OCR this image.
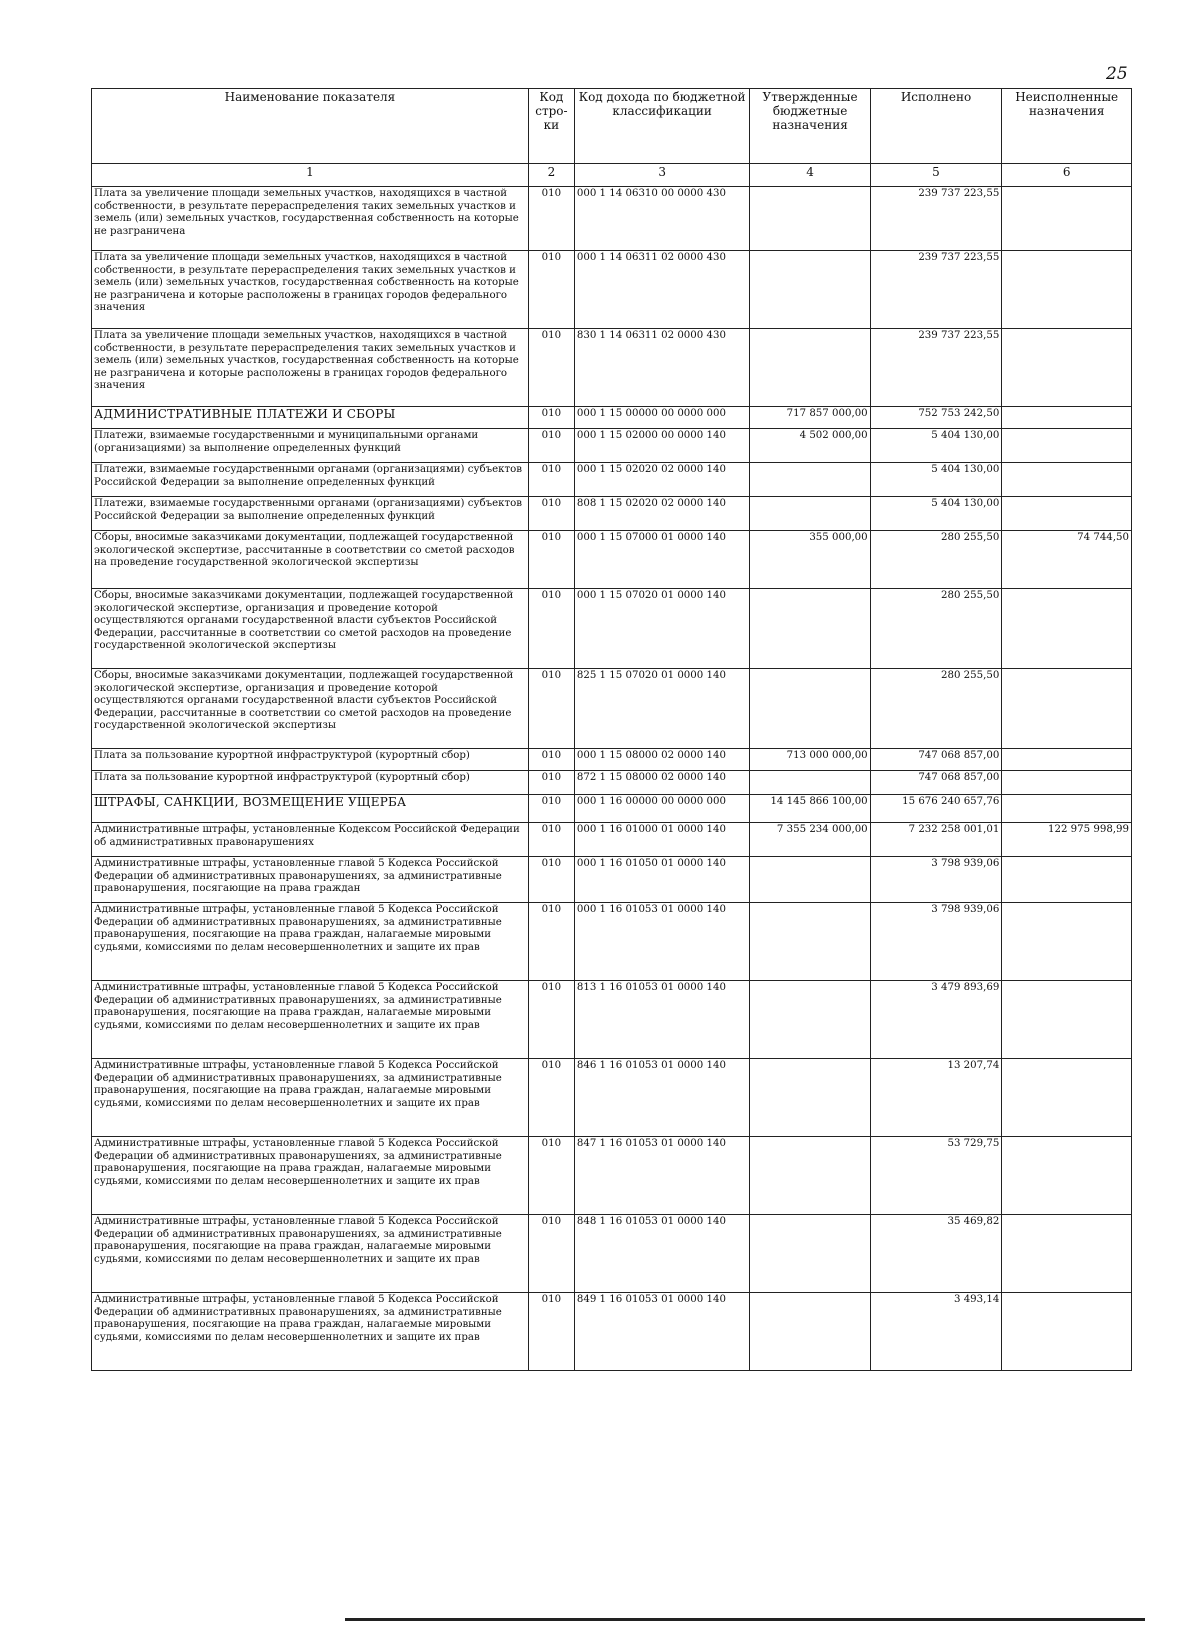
25
Наименование показателя	Код стро-ки	Код дохода по бюджетной классификации	Утвержденные бюджетные назначения	Исполнено	Неисполненные назначения
1	2	3	4	5	6
Плата за увеличение площади земельных участков, находящихся в частной собственности, в результате перераспределения таких земельных участков и земель (или) земельных участков, государственная собственность на которые не разграничена	010	000 1 14 06310 00 0000 430		239 737 223,55	
Плата за увеличение площади земельных участков, находящихся в частной собственности, в результате перераспределения таких земельных участков и земель (или) земельных участков, государственная собственность на которые не разграничена и которые расположены в границах городов федерального значения	010	000 1 14 06311 02 0000 430		239 737 223,55	
Плата за увеличение площади земельных участков, находящихся в частной собственности, в результате перераспределения таких земельных участков и земель (или) земельных участков, государственная собственность на которые не разграничена и которые расположены в границах городов федерального значения	010	830 1 14 06311 02 0000 430		239 737 223,55	
АДМИНИСТРАТИВНЫЕ ПЛАТЕЖИ И СБОРЫ	010	000 1 15 00000 00 0000 000	717 857 000,00	752 753 242,50	
Платежи, взимаемые государственными и муниципальными органами (организациями) за выполнение определенных функций	010	000 1 15 02000 00 0000 140	4 502 000,00	5 404 130,00	
Платежи, взимаемые государственными органами (организациями) субъектов Российской Федерации за выполнение определенных функций	010	000 1 15 02020 02 0000 140		5 404 130,00	
Платежи, взимаемые государственными органами (организациями) субъектов Российской Федерации за выполнение определенных функций	010	808 1 15 02020 02 0000 140		5 404 130,00	
Сборы, вносимые заказчиками документации, подлежащей государственной экологической экспертизе, рассчитанные в соответствии со сметой расходов на проведение государственной экологической экспертизы	010	000 1 15 07000 01 0000 140	355 000,00	280 255,50	74 744,50
Сборы, вносимые заказчиками документации, подлежащей государственной экологической экспертизе, организация и проведение которой осуществляются органами государственной власти субъектов Российской Федерации, рассчитанные в соответствии со сметой расходов на проведение государственной экологической экспертизы	010	000 1 15 07020 01 0000 140		280 255,50	
Сборы, вносимые заказчиками документации, подлежащей государственной экологической экспертизе, организация и проведение которой осуществляются органами государственной власти субъектов Российской Федерации, рассчитанные в соответствии со сметой расходов на проведение государственной экологической экспертизы	010	825 1 15 07020 01 0000 140		280 255,50	
Плата за пользование курортной инфраструктурой (курортный сбор)	010	000 1 15 08000 02 0000 140	713 000 000,00	747 068 857,00	
Плата за пользование курортной инфраструктурой (курортный сбор)	010	872 1 15 08000 02 0000 140		747 068 857,00	
ШТРАФЫ, САНКЦИИ, ВОЗМЕЩЕНИЕ УЩЕРБА	010	000 1 16 00000 00 0000 000	14 145 866 100,00	15 676 240 657,76	
Административные штрафы, установленные Кодексом Российской Федерации об административных правонарушениях	010	000 1 16 01000 01 0000 140	7 355 234 000,00	7 232 258 001,01	122 975 998,99
Административные штрафы, установленные главой 5 Кодекса Российской Федерации об административных правонарушениях, за административные правонарушения, посягающие на права граждан	010	000 1 16 01050 01 0000 140		3 798 939,06	
Административные штрафы, установленные главой 5 Кодекса Российской Федерации об административных правонарушениях, за административные правонарушения, посягающие на права граждан, налагаемые мировыми судьями, комиссиями по делам несовершеннолетних и защите их прав	010	000 1 16 01053 01 0000 140		3 798 939,06	
Административные штрафы, установленные главой 5 Кодекса Российской Федерации об административных правонарушениях, за административные правонарушения, посягающие на права граждан, налагаемые мировыми судьями, комиссиями по делам несовершеннолетних и защите их прав	010	813 1 16 01053 01 0000 140		3 479 893,69	
Административные штрафы, установленные главой 5 Кодекса Российской Федерации об административных правонарушениях, за административные правонарушения, посягающие на права граждан, налагаемые мировыми судьями, комиссиями по делам несовершеннолетних и защите их прав	010	846 1 16 01053 01 0000 140		13 207,74	
Административные штрафы, установленные главой 5 Кодекса Российской Федерации об административных правонарушениях, за административные правонарушения, посягающие на права граждан, налагаемые мировыми судьями, комиссиями по делам несовершеннолетних и защите их прав	010	847 1 16 01053 01 0000 140		53 729,75	
Административные штрафы, установленные главой 5 Кодекса Российской Федерации об административных правонарушениях, за административные правонарушения, посягающие на права граждан, налагаемые мировыми судьями, комиссиями по делам несовершеннолетних и защите их прав	010	848 1 16 01053 01 0000 140		35 469,82	
Административные штрафы, установленные главой 5 Кодекса Российской Федерации об административных правонарушениях, за административные правонарушения, посягающие на права граждан, налагаемые мировыми судьями, комиссиями по делам несовершеннолетних и защите их прав	010	849 1 16 01053 01 0000 140		3 493,14	
